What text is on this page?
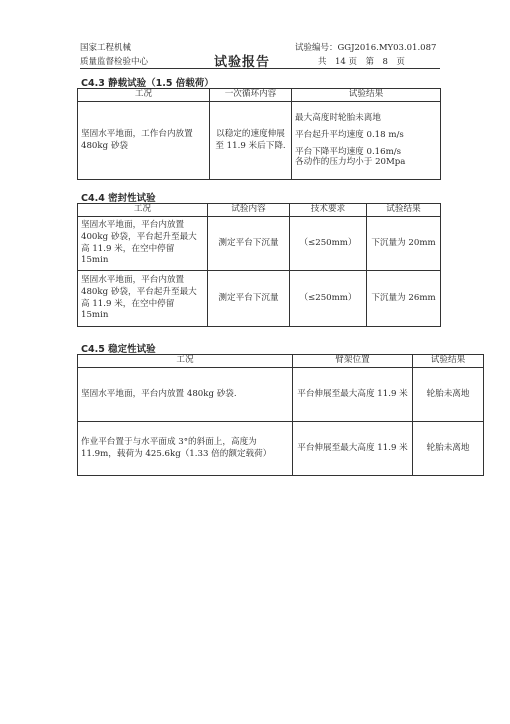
国家工程机械
质量监督检验中心	试验报告
试验编号：GGJ2016.MY03.01.087
共　14 页　第　8　页
C4.3 静载试验（1.5 倍载荷）
工况	一次循环内容	试验结果
坚固水平地面，工作台内放置 480kg 砂袋	以稳定的速度伸展至 11.9 米后下降.	最大高度时轮胎未离地
平台起升平均速度 0.18 m/s
平台下降平均速度 0.16m/s
各动作的压力均小于 20Mpa
C4.4 密封性试验
工况	试验内容	技术要求	试验结果
坚固水平地面，平台内放置 400kg 砂袋，平台起升至最大高 11.9 米，在空中停留 15min	测定平台下沉量	（≤250mm）	下沉量为 20mm
坚固水平地面，平台内放置 480kg 砂袋，平台起升至最大高 11.9 米，在空中停留 15min	测定平台下沉量	（≤250mm）	下沉量为 26mm
C4.5 稳定性试验
工况	臂架位置	试验结果
坚固水平地面，平台内放置 480kg 砂袋.	平台伸展至最大高度 11.9 米	轮胎未离地
作业平台置于与水平面成 3°的斜面上，高度为 11.9m，载荷为 425.6kg（1.33 倍的额定载荷）	平台伸展至最大高度 11.9 米	轮胎未离地
